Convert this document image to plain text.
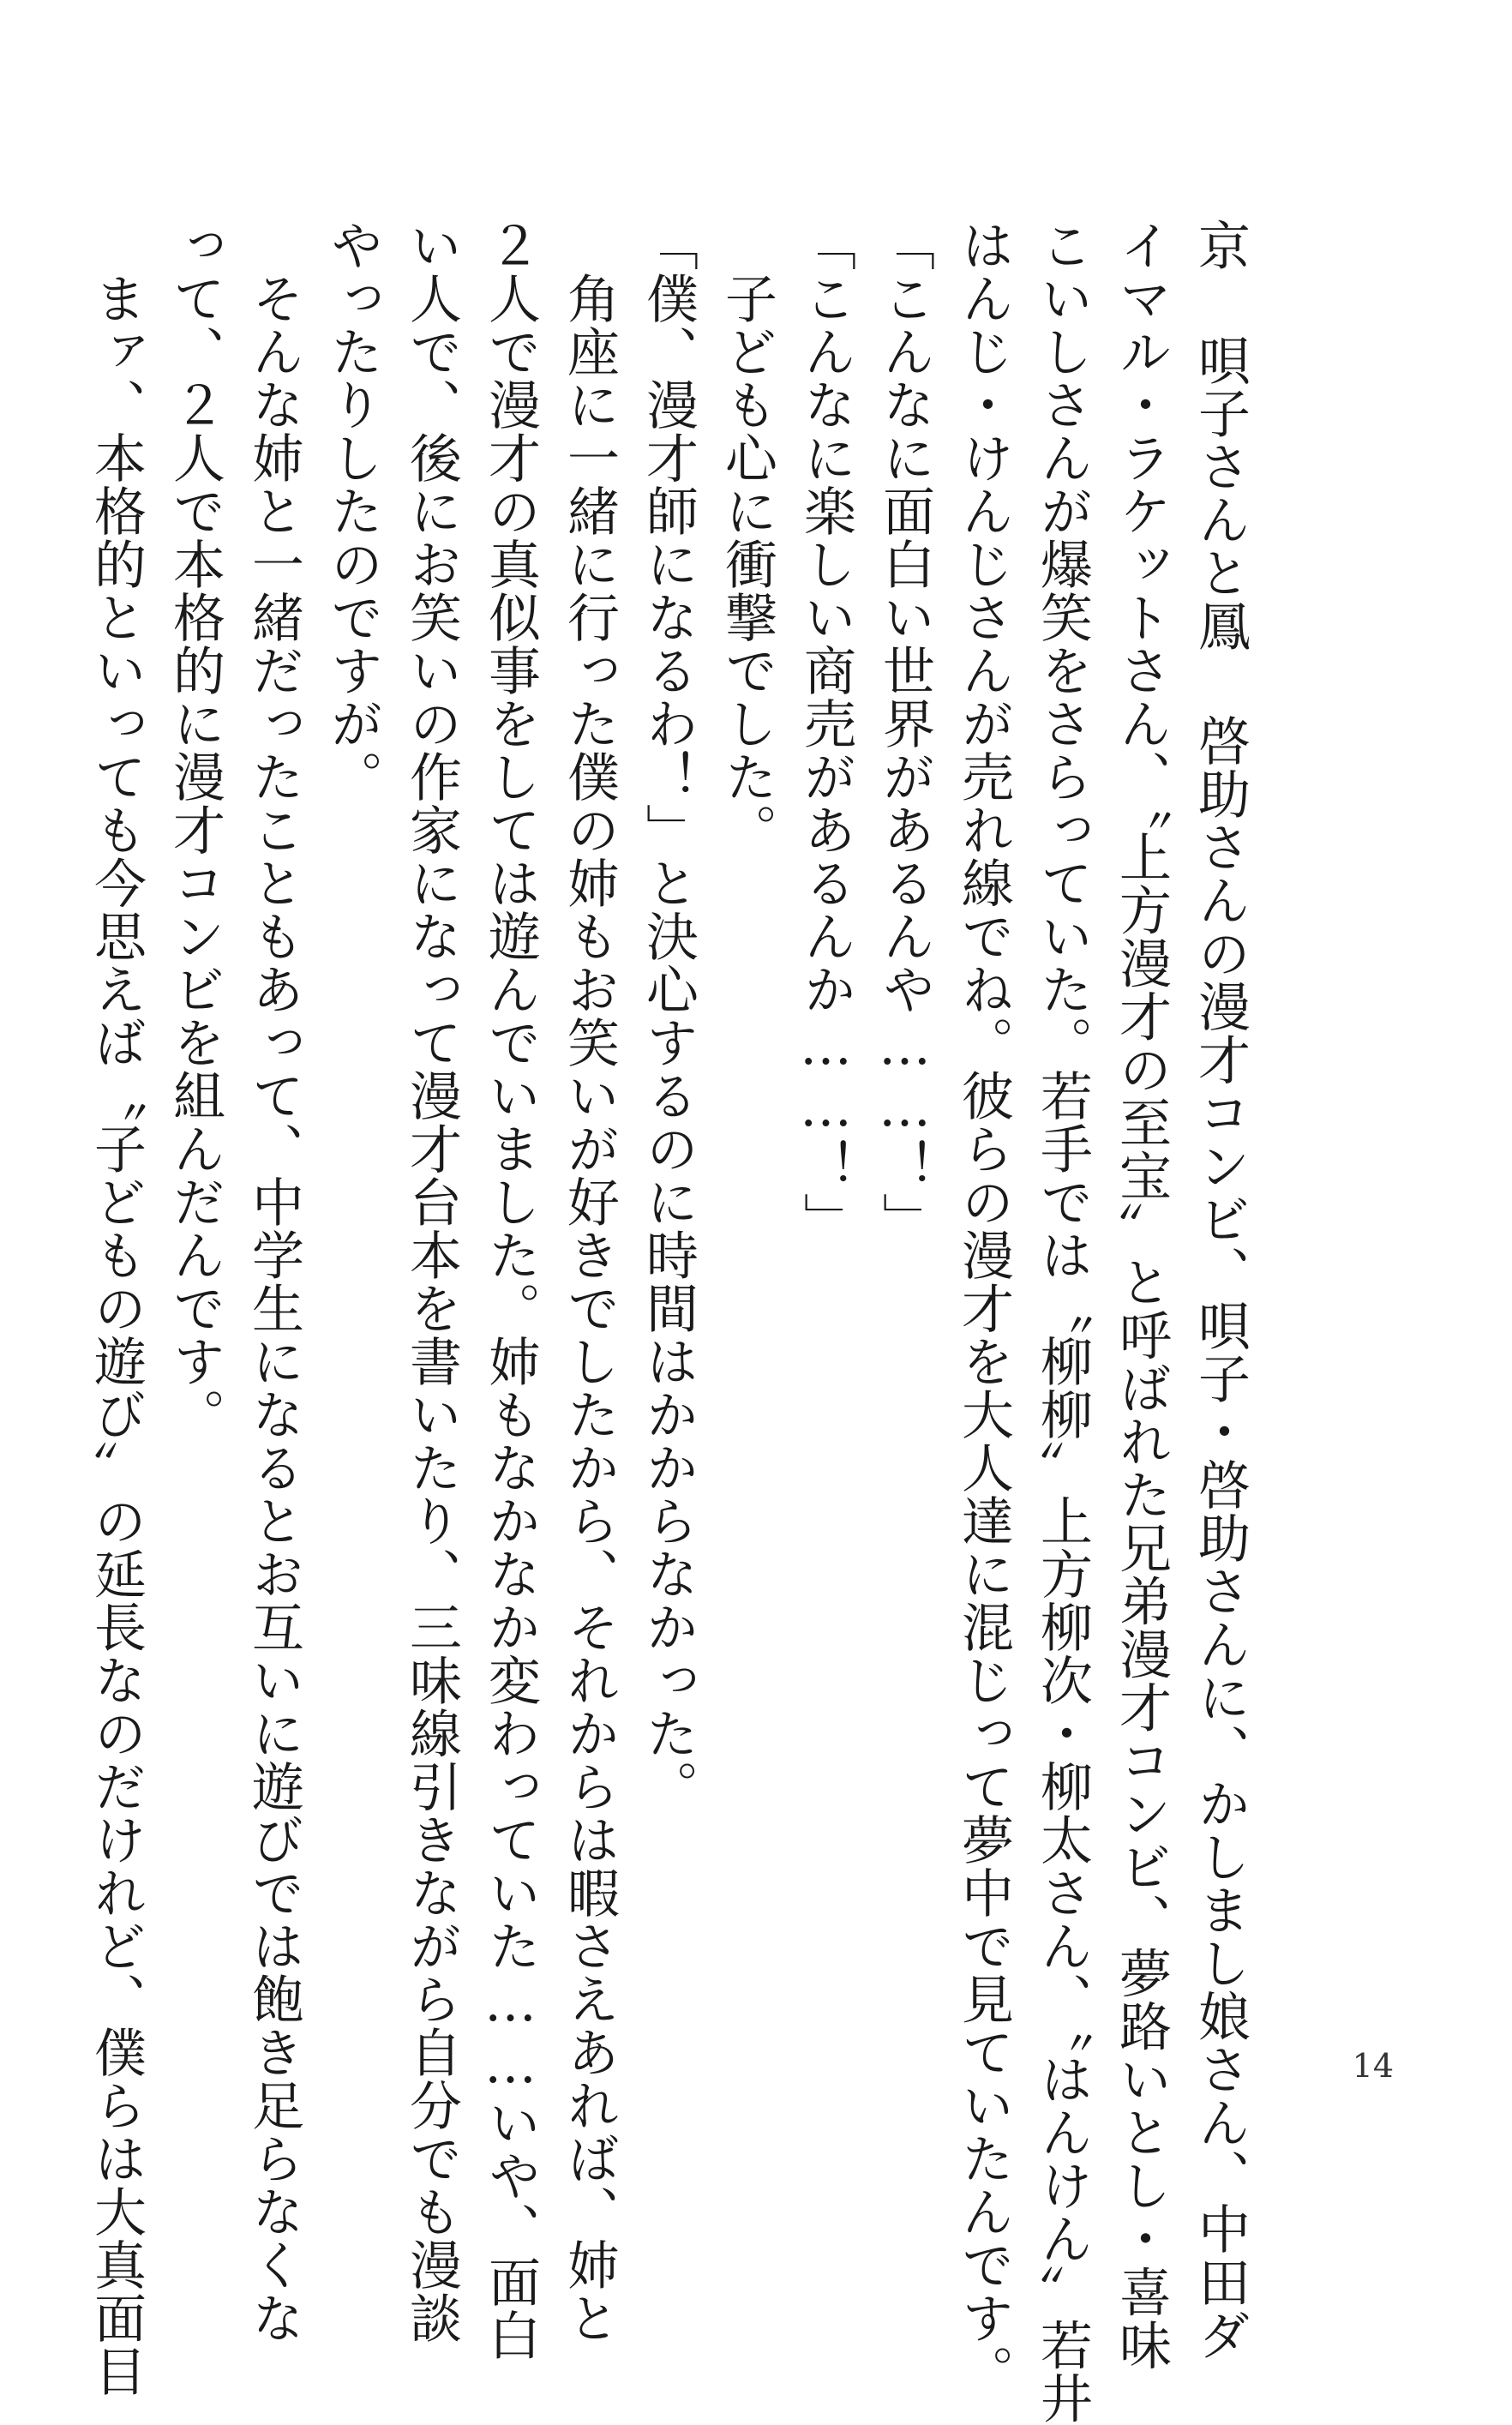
京 唄子さんと鳳 啓助さんの漫才コンビ、唄子・啓助さんに、かしまし娘さん、中田ダ

イマル・ラケットさん、〝上方漫才の至宝〟と呼ばれた兄弟漫才コンビ、夢路いとし・喜味

こいしさんが爆笑をさらっていた。若手では〝柳柳〟上方柳次・柳太さん、〝はんけん〟若井

はんじ・けんじさんが売れ線でね。彼らの漫才を大人達に混じって夢中で見ていたんです。

「こんなに面白い世界があるんや……！」

「こんなに楽しい商売があるんか……！」

　子ども心に衝撃でした。

「僕、漫才師になるわ！」と決心するのに時間はかからなかった。

　角座に一緒に行った僕の姉もお笑いが好きでしたから、それからは暇さえあれば、姉と

２人で漫才の真似事をしては遊んでいました。姉もなかなか変わっていた……いや、面白

い人で、後にお笑いの作家になって漫才台本を書いたり、三味線引きながら自分でも漫談

やったりしたのですが。

　そんな姉と一緒だったこともあって、中学生になるとお互いに遊びでは飽き足らなくな

って、２人で本格的に漫才コンビを組んだんです。

　まァ、本格的といっても今思えば〝子どもの遊び〟の延長なのだけれど、僕らは大真面目	14
